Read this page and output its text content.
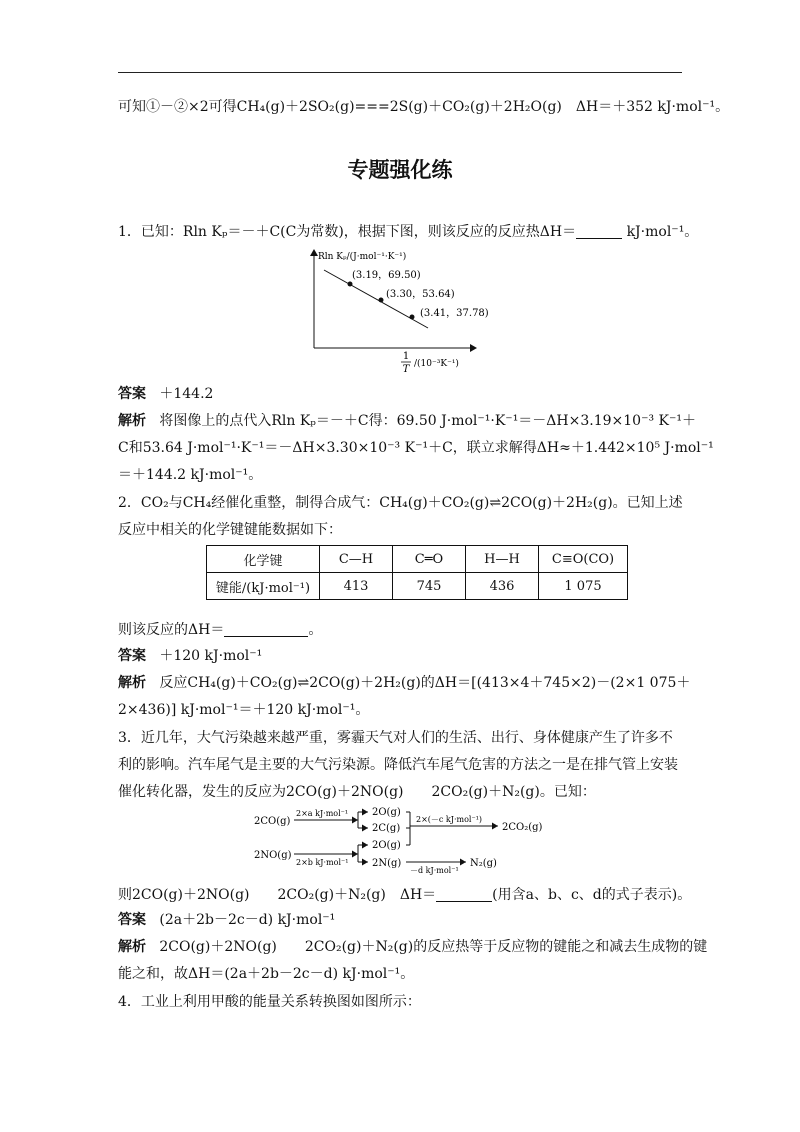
可知①－②×2可得CH₄(g)＋2SO₂(g)===2S(g)＋CO₂(g)＋2H₂O(g)　ΔH＝＋352 kJ·mol⁻¹。
专题强化练
1．已知：Rln Kₚ＝－＋C(C为常数)，根据下图，则该反应的反应热ΔH＝	kJ·mol⁻¹。
Rln Kₚ/(J·mol⁻¹·K⁻¹)
(3.19，69.50)
(3.30，53.64)
(3.41，37.78)
1
T /(10⁻³K⁻¹)
答案 ＋144.2
解析 将图像上的点代入Rln Kₚ＝－＋C得：69.50 J·mol⁻¹·K⁻¹＝－ΔH×3.19×10⁻³ K⁻¹＋
C和53.64 J·mol⁻¹·K⁻¹＝－ΔH×3.30×10⁻³ K⁻¹＋C，联立求解得ΔH≈＋1.442×10⁵ J·mol⁻¹
＝＋144.2 kJ·mol⁻¹。
2．CO₂与CH₄经催化重整，制得合成气：CH₄(g)＋CO₂(g)⇌2CO(g)＋2H₂(g)。已知上述
反应中相关的化学键键能数据如下：
化学键	C—H	C═O	H—H	C≡O(CO)
键能/(kJ·mol⁻¹)	413	745	436	1 075
则该反应的ΔH＝	。
答案 ＋120 kJ·mol⁻¹
解析 反应CH₄(g)＋CO₂(g)⇌2CO(g)＋2H₂(g)的ΔH＝[(413×4＋745×2)－(2×1 075＋
2×436)] kJ·mol⁻¹＝＋120 kJ·mol⁻¹。
3．近几年，大气污染越来越严重，雾霾天气对人们的生活、出行、身体健康产生了许多不
利的影响。汽车尾气是主要的大气污染源。降低汽车尾气危害的方法之一是在排气管上安装
催化转化器，发生的反应为2CO(g)＋2NO(g)　　2CO₂(g)＋N₂(g)。已知：
2CO(g)
2×a kJ·mol⁻¹ 2O(g)
2C(g)
2×(－c kJ·mol⁻¹)
2CO₂(g)
2NO(g)
2×b kJ·mol⁻¹
2O(g)
2N(g)
－d kJ·mol⁻¹
N₂(g)
则2CO(g)＋2NO(g)　　2CO₂(g)＋N₂(g)　ΔH＝	(用含a、b、c、d的式子表示)。
答案 (2a＋2b－2c－d) kJ·mol⁻¹
解析 2CO(g)＋2NO(g)　　2CO₂(g)＋N₂(g)的反应热等于反应物的键能之和减去生成物的键
能之和，故ΔH＝(2a＋2b－2c－d) kJ·mol⁻¹。
4．工业上利用甲酸的能量关系转换图如图所示：
